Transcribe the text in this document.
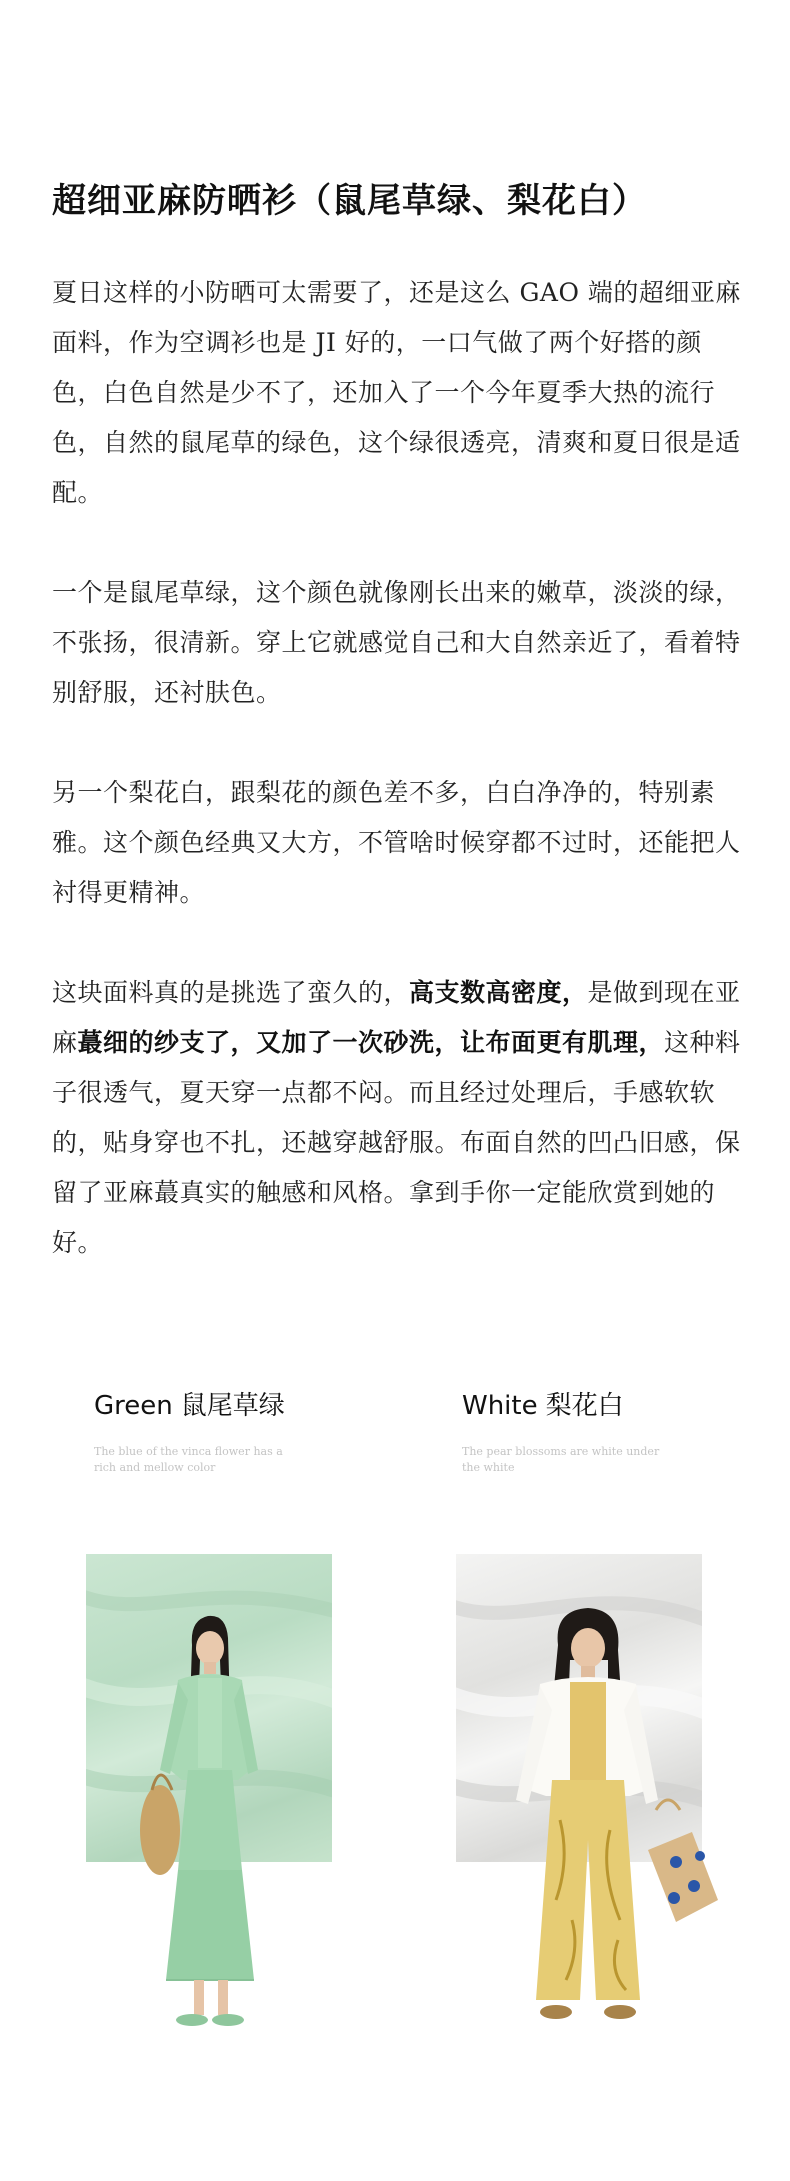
超细亚麻防晒衫（鼠尾草绿、梨花白）

夏日这样的小防晒可太需要了，还是这么 GAO 端的超细亚麻面料，作为空调衫也是 JI 好的，一口气做了两个好搭的颜色，白色自然是少不了，还加入了一个今年夏季大热的流行色，自然的鼠尾草的绿色，这个绿很透亮，清爽和夏日很是适配。

一个是鼠尾草绿，这个颜色就像刚长出来的嫩草，淡淡的绿，不张扬，很清新。穿上它就感觉自己和大自然亲近了，看着特别舒服，还衬肤色。

另一个梨花白，跟梨花的颜色差不多，白白净净的，特别素雅。这个颜色经典又大方，不管啥时候穿都不过时，还能把人衬得更精神。

这块面料真的是挑选了蛮久的，高支数高密度，是做到现在亚麻蕞细的纱支了，又加了一次砂洗，让布面更有肌理，这种料子很透气，夏天穿一点都不闷。而且经过处理后，手感软软的，贴身穿也不扎，还越穿越舒服。布面自然的凹凸旧感，保留了亚麻蕞真实的触感和风格。拿到手你一定能欣赏到她的好。

Green 鼠尾草绿
The blue of the vinca flower has a rich and mellow color
White 梨花白
The pear blossoms are white under the white
